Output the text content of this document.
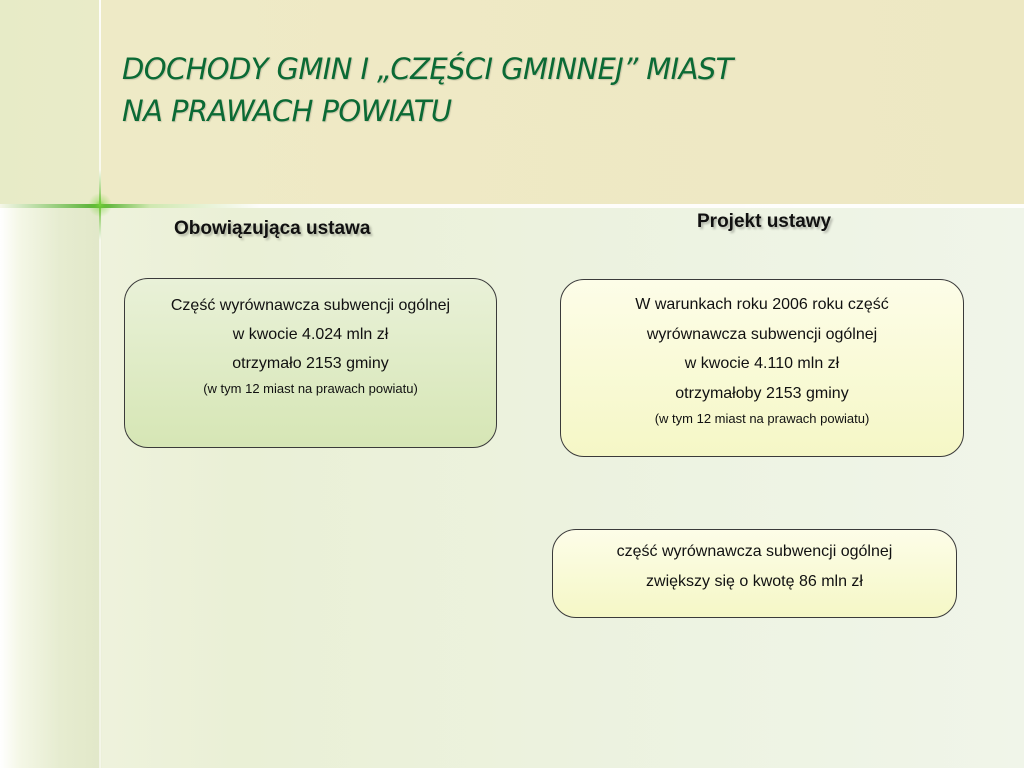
DOCHODY GMIN I „CZĘŚCI GMINNEJ” MIAST
NA PRAWACH POWIATU
Obowiązująca ustawa	Projekt ustawy
Część wyrównawcza subwencji ogólnej
w kwocie 4.024 mln zł
otrzymało 2153 gminy
(w tym 12 miast na prawach powiatu)
W warunkach roku 2006 roku część
wyrównawcza subwencji ogólnej
w kwocie 4.110 mln zł
otrzymałoby 2153 gminy
(w tym 12 miast na prawach powiatu)
część wyrównawcza subwencji ogólnej
zwiększy się o kwotę 86 mln zł
